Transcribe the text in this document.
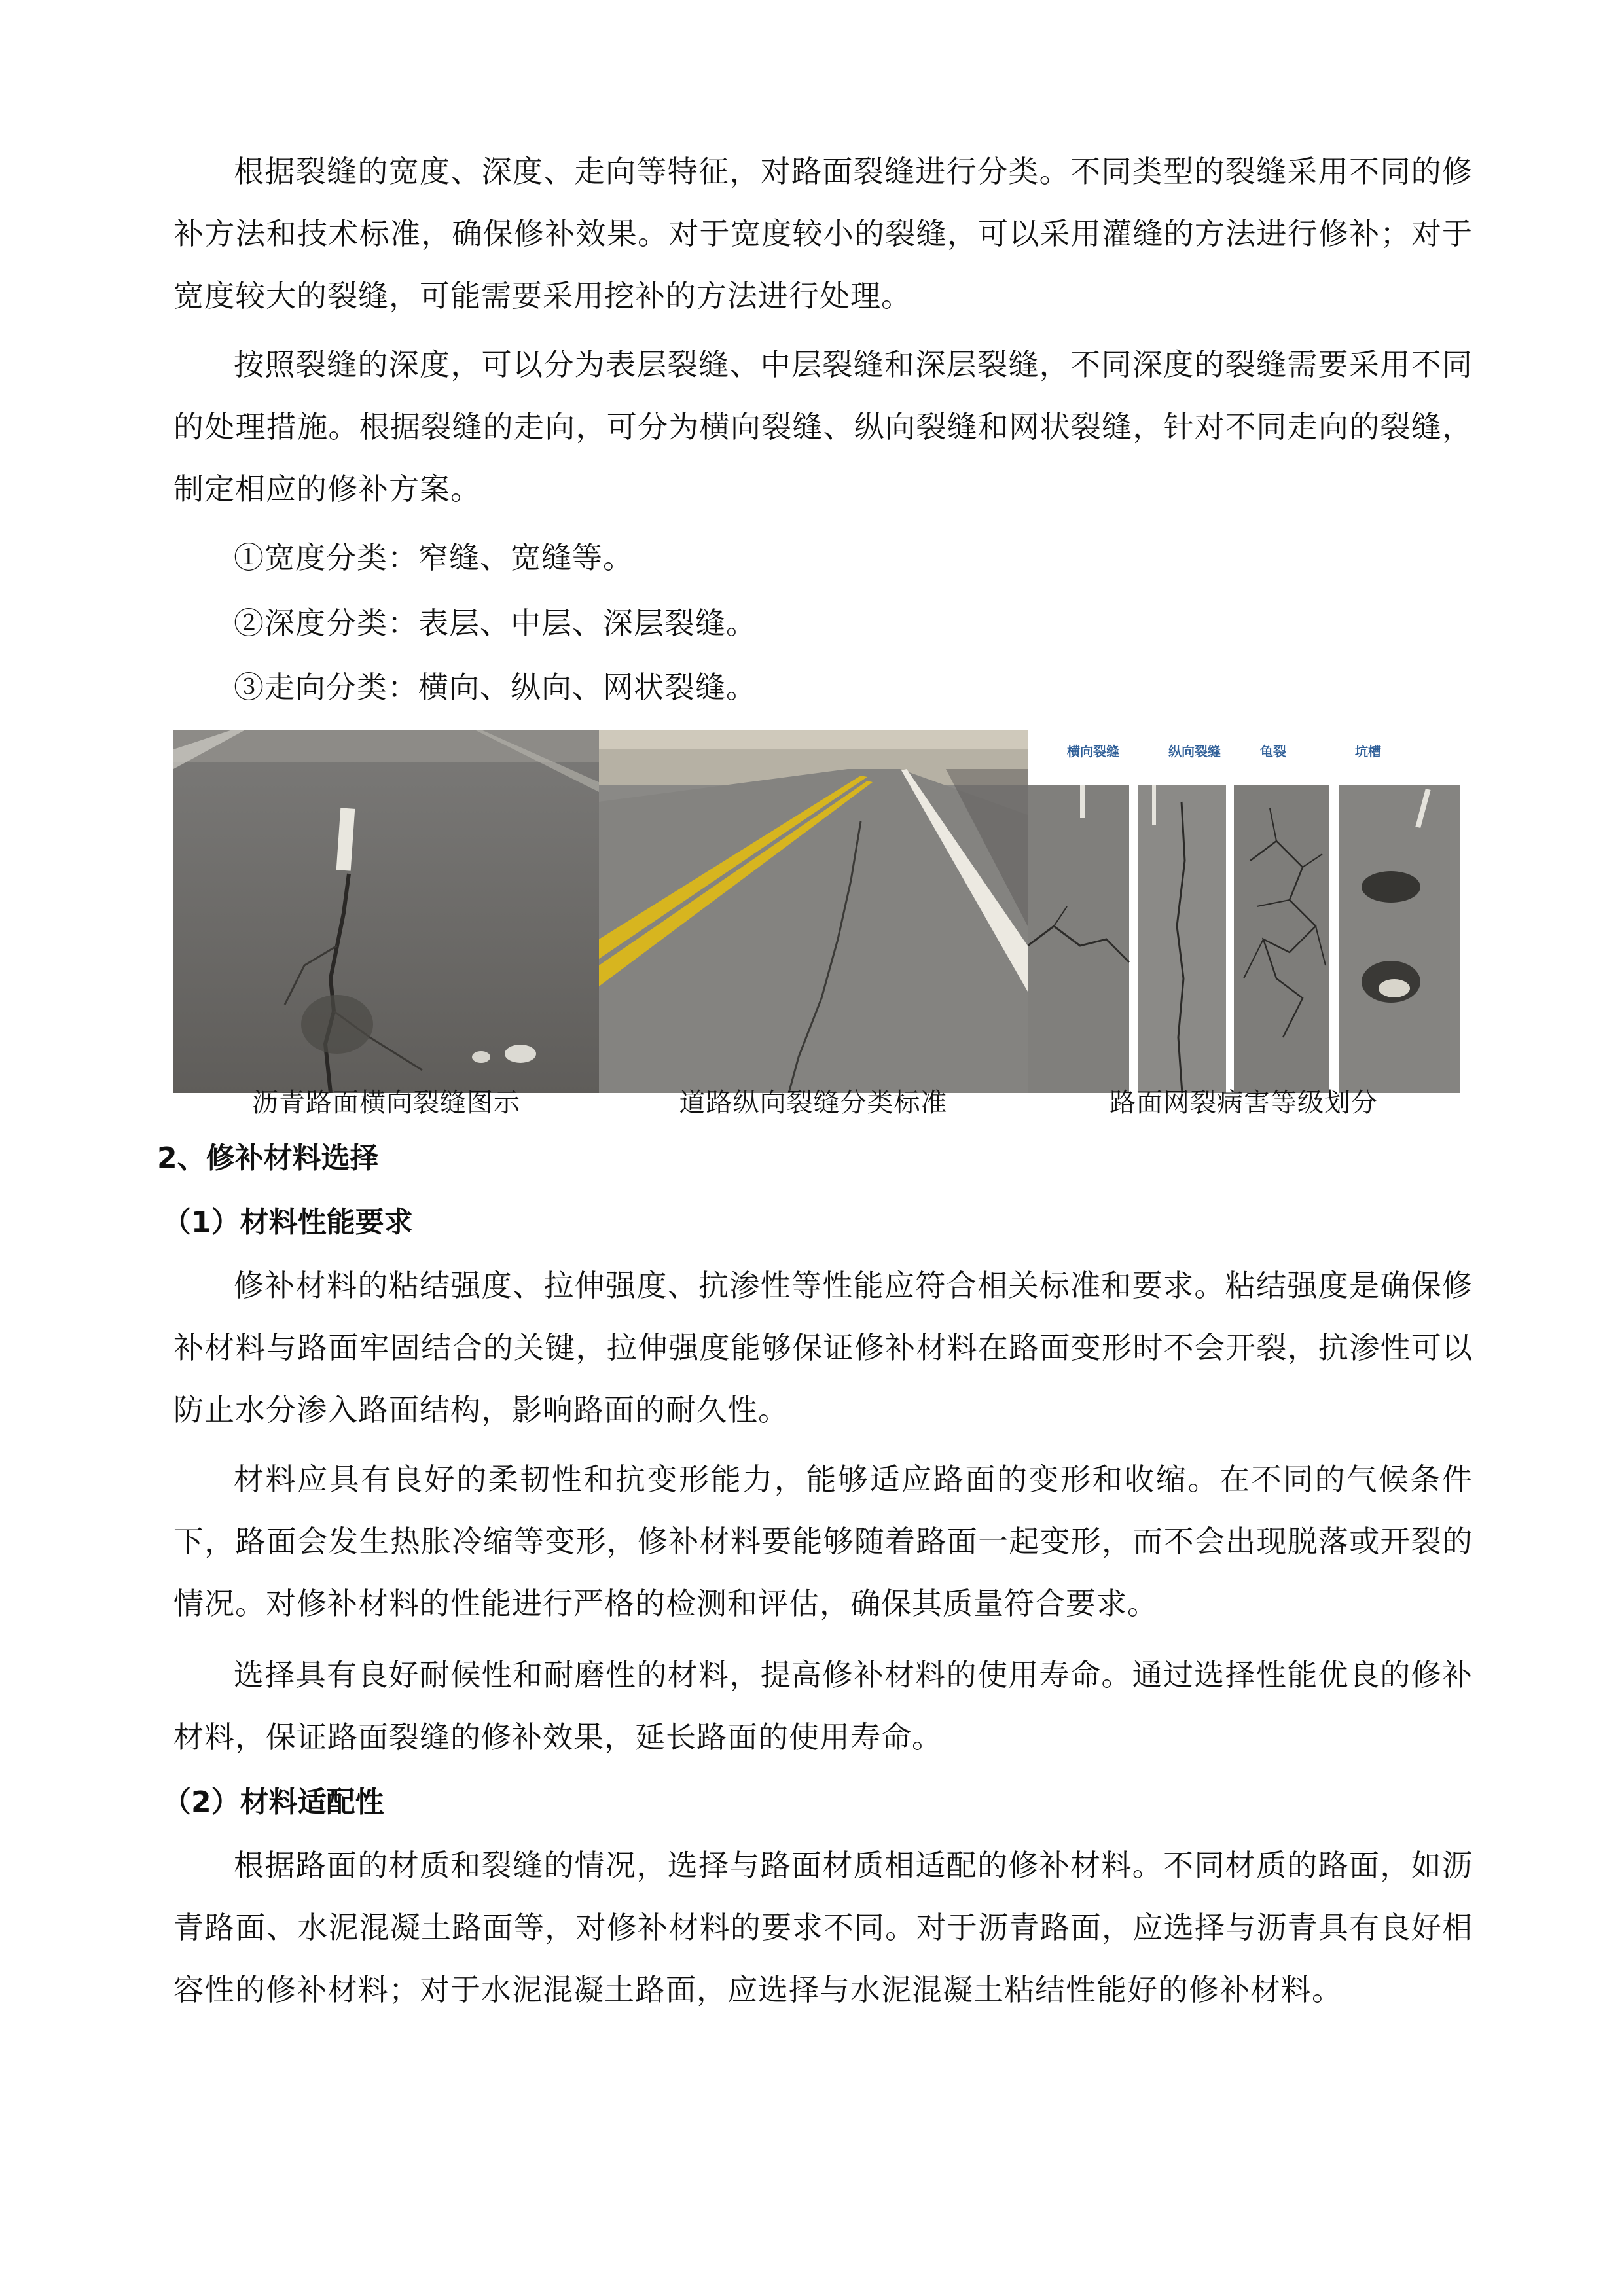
根据裂缝的宽度、深度、走向等特征，对路面裂缝进行分类。不同类型的裂缝采用不同的修补方法和技术标准，确保修补效果。对于宽度较小的裂缝，可以采用灌缝的方法进行修补；对于宽度较大的裂缝，可能需要采用挖补的方法进行处理。

按照裂缝的深度，可以分为表层裂缝、中层裂缝和深层裂缝，不同深度的裂缝需要采用不同的处理措施。根据裂缝的走向，可分为横向裂缝、纵向裂缝和网状裂缝，针对不同走向的裂缝，制定相应的修补方案。

①宽度分类：窄缝、宽缝等。

②深度分类：表层、中层、深层裂缝。

③走向分类：横向、纵向、网状裂缝。

横向裂缝	纵向裂缝	龟裂	坑槽
沥青路面横向裂缝图示	道路纵向裂缝分类标准	路面网裂病害等级划分
2、修补材料选择
（1）材料性能要求

修补材料的粘结强度、拉伸强度、抗渗性等性能应符合相关标准和要求。粘结强度是确保修补材料与路面牢固结合的关键，拉伸强度能够保证修补材料在路面变形时不会开裂，抗渗性可以防止水分渗入路面结构，影响路面的耐久性。

材料应具有良好的柔韧性和抗变形能力，能够适应路面的变形和收缩。在不同的气候条件下，路面会发生热胀冷缩等变形，修补材料要能够随着路面一起变形，而不会出现脱落或开裂的情况。对修补材料的性能进行严格的检测和评估，确保其质量符合要求。

选择具有良好耐候性和耐磨性的材料，提高修补材料的使用寿命。通过选择性能优良的修补材料，保证路面裂缝的修补效果，延长路面的使用寿命。

（2）材料适配性

根据路面的材质和裂缝的情况，选择与路面材质相适配的修补材料。不同材质的路面，如沥青路面、水泥混凝土路面等，对修补材料的要求不同。对于沥青路面，应选择与沥青具有良好相容性的修补材料；对于水泥混凝土路面，应选择与水泥混凝土粘结性能好的修补材料。
